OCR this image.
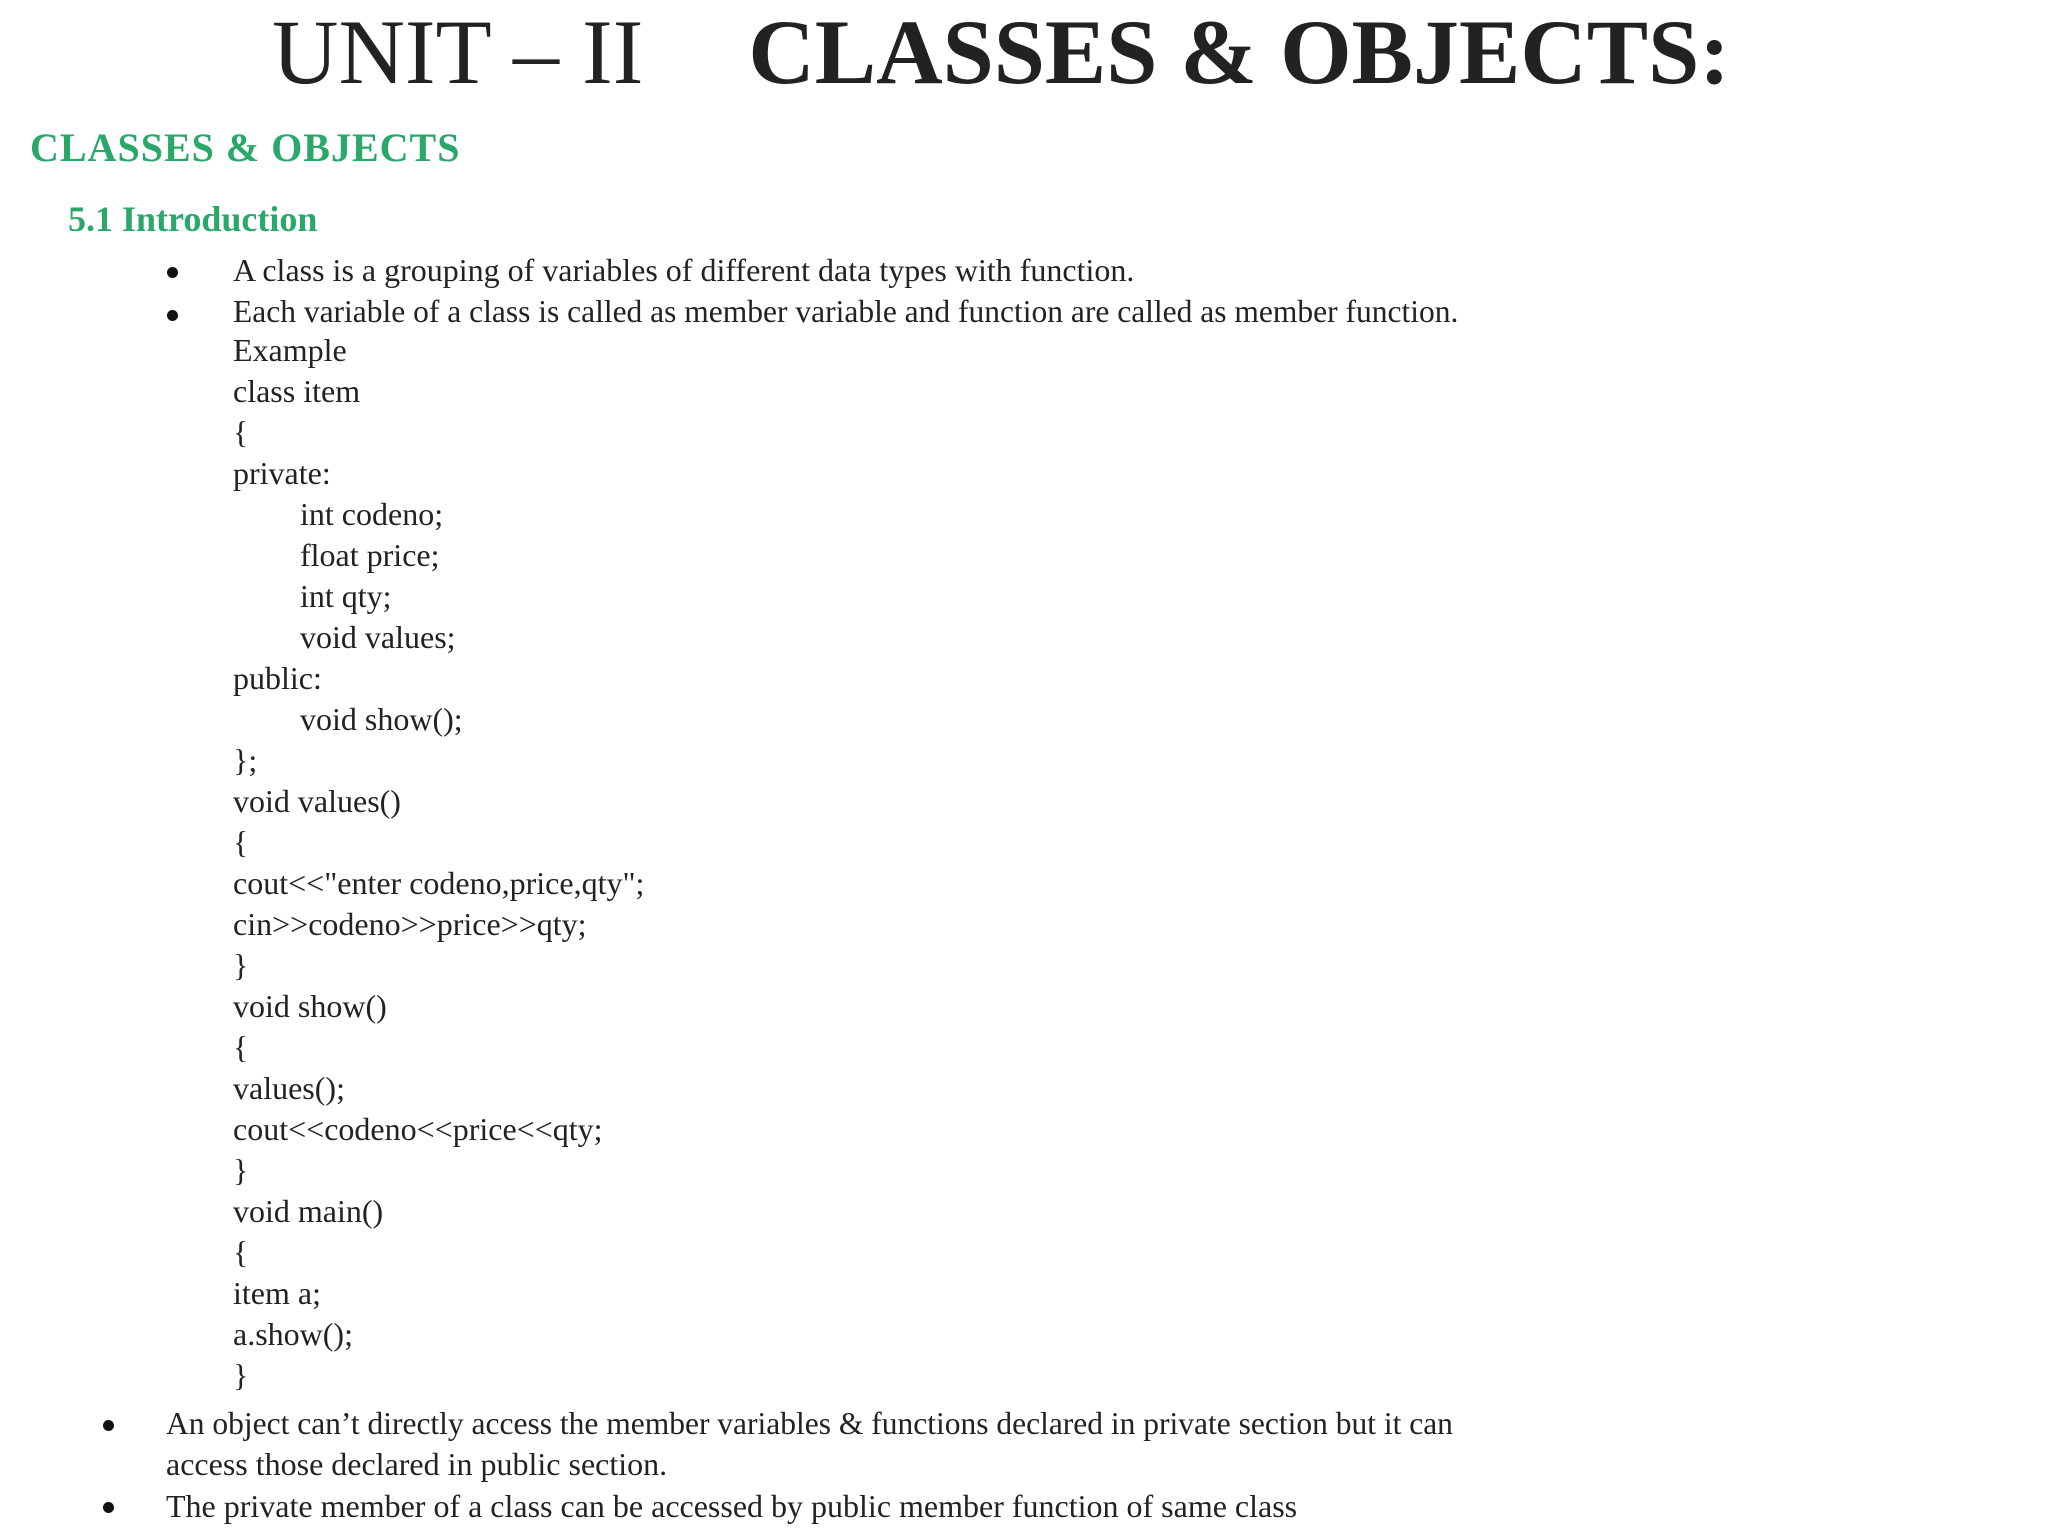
UNIT – II CLASSES & OBJECTS:
CLASSES & OBJECTS
5.1 Introduction
A class is a grouping of variables of different data types with function.
Each variable of a class is called as member variable and function are called as member function.
Example
class item
{
private:
int codeno;
float price;
int qty;
void values;
public:
void show();
};
void values()
{
cout<<"enter codeno,price,qty";
cin>>codeno>>price>>qty;
}
void show()
{
values();
cout<<codeno<<price<<qty;
}
void main()
{
item a;
a.show();
}
An object can’t directly access the member variables & functions declared in private section but it can
access those declared in public section.
The private member of a class can be accessed by public member function of same class
